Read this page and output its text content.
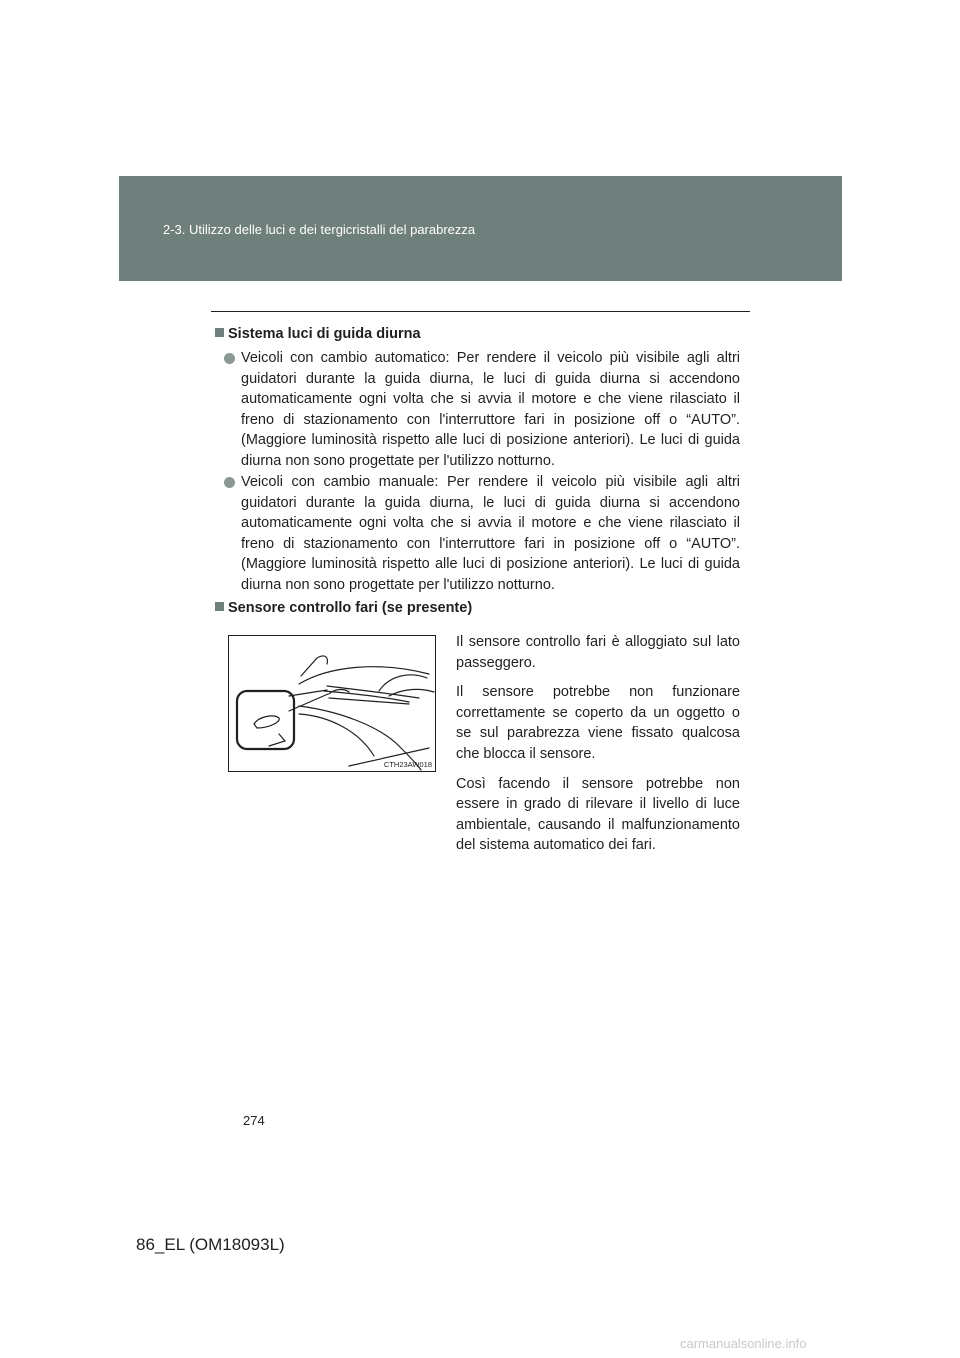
2-3. Utilizzo delle luci e dei tergicristalli del parabrezza
Sistema luci di guida diurna
Veicoli con cambio automatico: Per rendere il veicolo più visibile agli altri guidatori durante la guida diurna, le luci di guida diurna si accendono automaticamente ogni volta che si avvia il motore e che viene rilasciato il freno di stazionamento con l'interruttore fari in posizione off o “AUTO”. (Maggiore luminosità rispetto alle luci di posizione anteriori). Le luci di guida diurna non sono progettate per l'utilizzo notturno.
Veicoli con cambio manuale: Per rendere il veicolo più visibile agli altri guidatori durante la guida diurna, le luci di guida diurna si accendono automaticamente ogni volta che si avvia il motore e che viene rilasciato il freno di stazionamento con l'interruttore fari in posizione off o “AUTO”. (Maggiore luminosità rispetto alle luci di posizione anteriori). Le luci di guida diurna non sono progettate per l'utilizzo notturno.
Sensore controllo fari (se presente)
CTH23AW018

Il sensore controllo fari è alloggiato sul lato passeggero.

Il sensore potrebbe non funzionare correttamente se coperto da un oggetto o se sul parabrezza viene fissato qualcosa che blocca il sensore.

Così facendo il sensore potrebbe non essere in grado di rilevare il livello di luce ambientale, causando il malfunzionamento del sistema automatico dei fari.

274
86_EL (OM18093L)
carmanualsonline.info
